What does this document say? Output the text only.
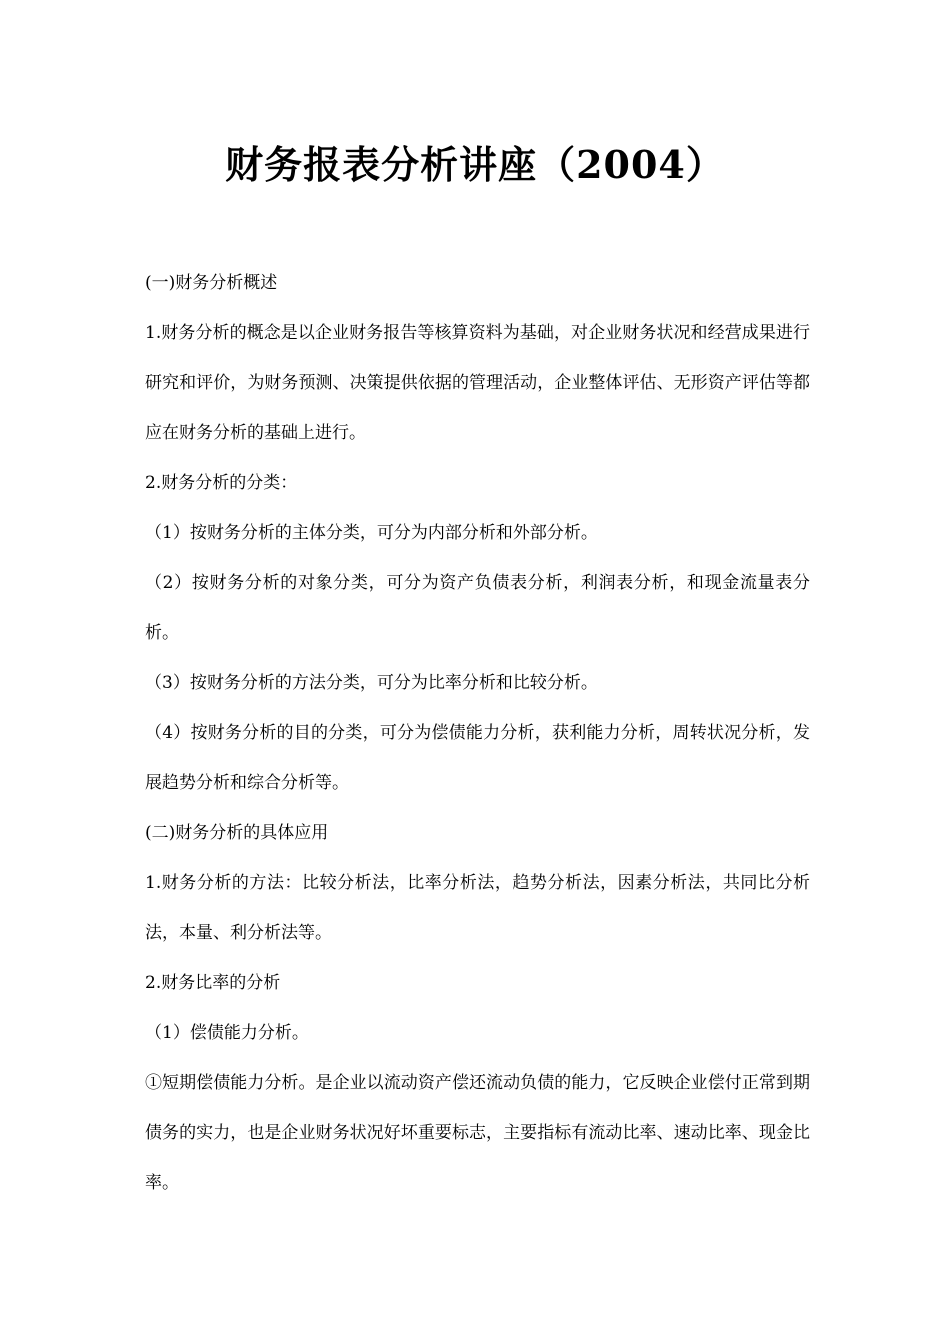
财务报表分析讲座（2004）

(一)财务分析概述

1.财务分析的概念是以企业财务报告等核算资料为基础，对企业财务状况和经营成果进行研究和评价，为财务预测、决策提供依据的管理活动，企业整体评估、无形资产评估等都应在财务分析的基础上进行。

2.财务分析的分类：

（1）按财务分析的主体分类，可分为内部分析和外部分析。

（2）按财务分析的对象分类，可分为资产负债表分析，利润表分析，和现金流量表分析。

（3）按财务分析的方法分类，可分为比率分析和比较分析。

（4）按财务分析的目的分类，可分为偿债能力分析，获利能力分析，周转状况分析，发展趋势分析和综合分析等。

(二)财务分析的具体应用

1.财务分析的方法：比较分析法，比率分析法，趋势分析法，因素分析法，共同比分析法，本量、利分析法等。

2.财务比率的分析

（1）偿债能力分析。

①短期偿债能力分析。是企业以流动资产偿还流动负债的能力，它反映企业偿付正常到期债务的实力，也是企业财务状况好坏重要标志，主要指标有流动比率、速动比率、现金比率。
